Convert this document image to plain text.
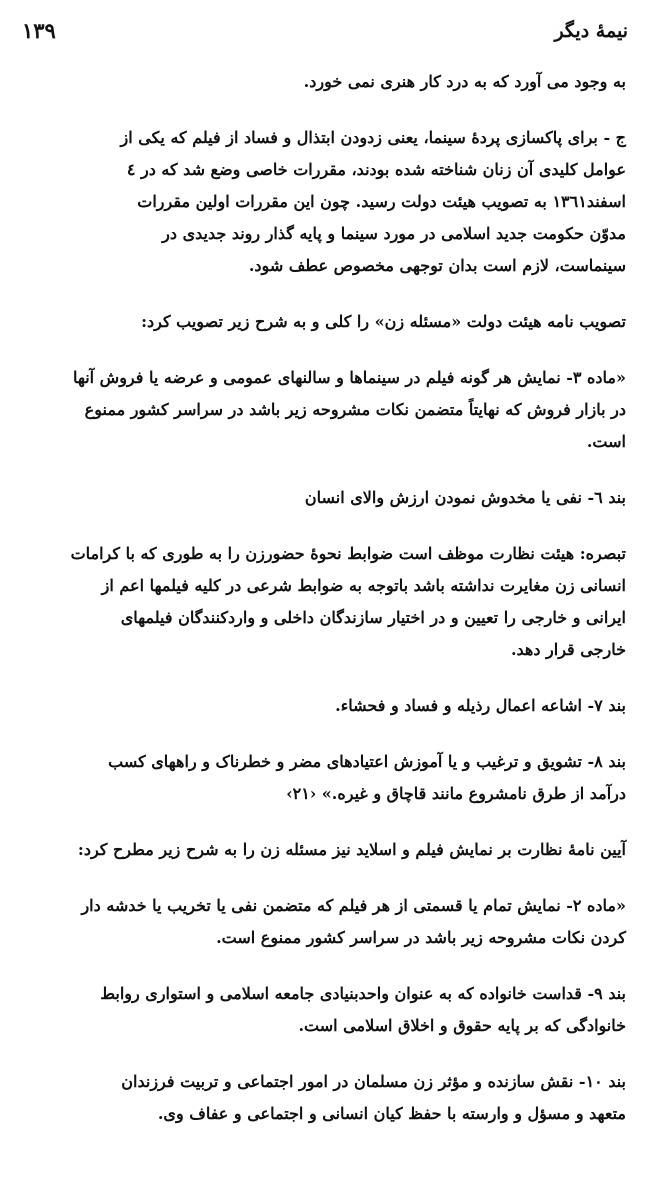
نیمهٔ دیگر
۱۳۹

به وجود می آورد که به درد کار هنری نمی خورد.

ج - برای پاکسازی پردهٔ سینما، یعنی زدودن ابتذال و فساد از فیلم که یکی از
عوامل کلیدی آن زنان شناخته شده بودند، مقررات خاصی وضع شد که در ٤
اسفند۱۳٦۱ به تصویب هیئت دولت رسید. چون این مقررات اولین مقررات
مدوّن حکومت جدید اسلامی در مورد سینما و پایه گذار روند جدیدی در
سینماست، لازم است بدان توجهی مخصوص عطف شود.

تصویب نامه هیئت دولت «مسئله زن» را کلی و به شرح زیر تصویب کرد:

«ماده ۳- نمایش هر گونه فیلم در سینماها و سالنهای عمومی و عرضه یا فروش آنها
در بازار فروش که نهایتاً متضمن نکات مشروحه زیر باشد در سراسر کشور ممنوع
است.

بند ٦- نفی یا مخدوش نمودن ارزش والای انسان

تبصره: هیئت نظارت موظف است ضوابط نحوهٔ حضورزن را به طوری که با کرامات
انسانی زن مغایرت نداشته باشد باتوجه به ضوابط شرعی در کلیه فیلمها اعم از
ایرانی و خارجی را تعیین و در اختیار سازندگان داخلی و واردکنندگان فیلمهای
خارجی قرار دهد.

بند ۷- اشاعه اعمال رذیله و فساد و فحشاء.

بند ۸- تشویق و ترغیب و یا آموزش اعتیادهای مضر و خطرناک و راههای کسب
درآمد از طرق نامشروع مانند قاچاق و غیره.» ‹۲۱›

آیین نامهٔ نظارت بر نمایش فیلم و اسلاید نیز مسئله زن را به شرح زیر مطرح کرد:

«ماده ۲- نمایش تمام یا قسمتی از هر فیلم که متضمن نفی یا تخریب یا خدشه دار
کردن نکات مشروحه زیر باشد در سراسر کشور ممنوع است.

بند ۹- قداست خانواده که به عنوان واحدبنیادی جامعه اسلامی و استواری روابط
خانوادگی که بر پایه حقوق و اخلاق اسلامی است.

بند ۱۰- نقش سازنده و مؤثر زن مسلمان در امور اجتماعی و تربیت فرزندان
متعهد و مسؤل و وارسته با حفظ کیان انسانی و اجتماعی و عفاف وی.
